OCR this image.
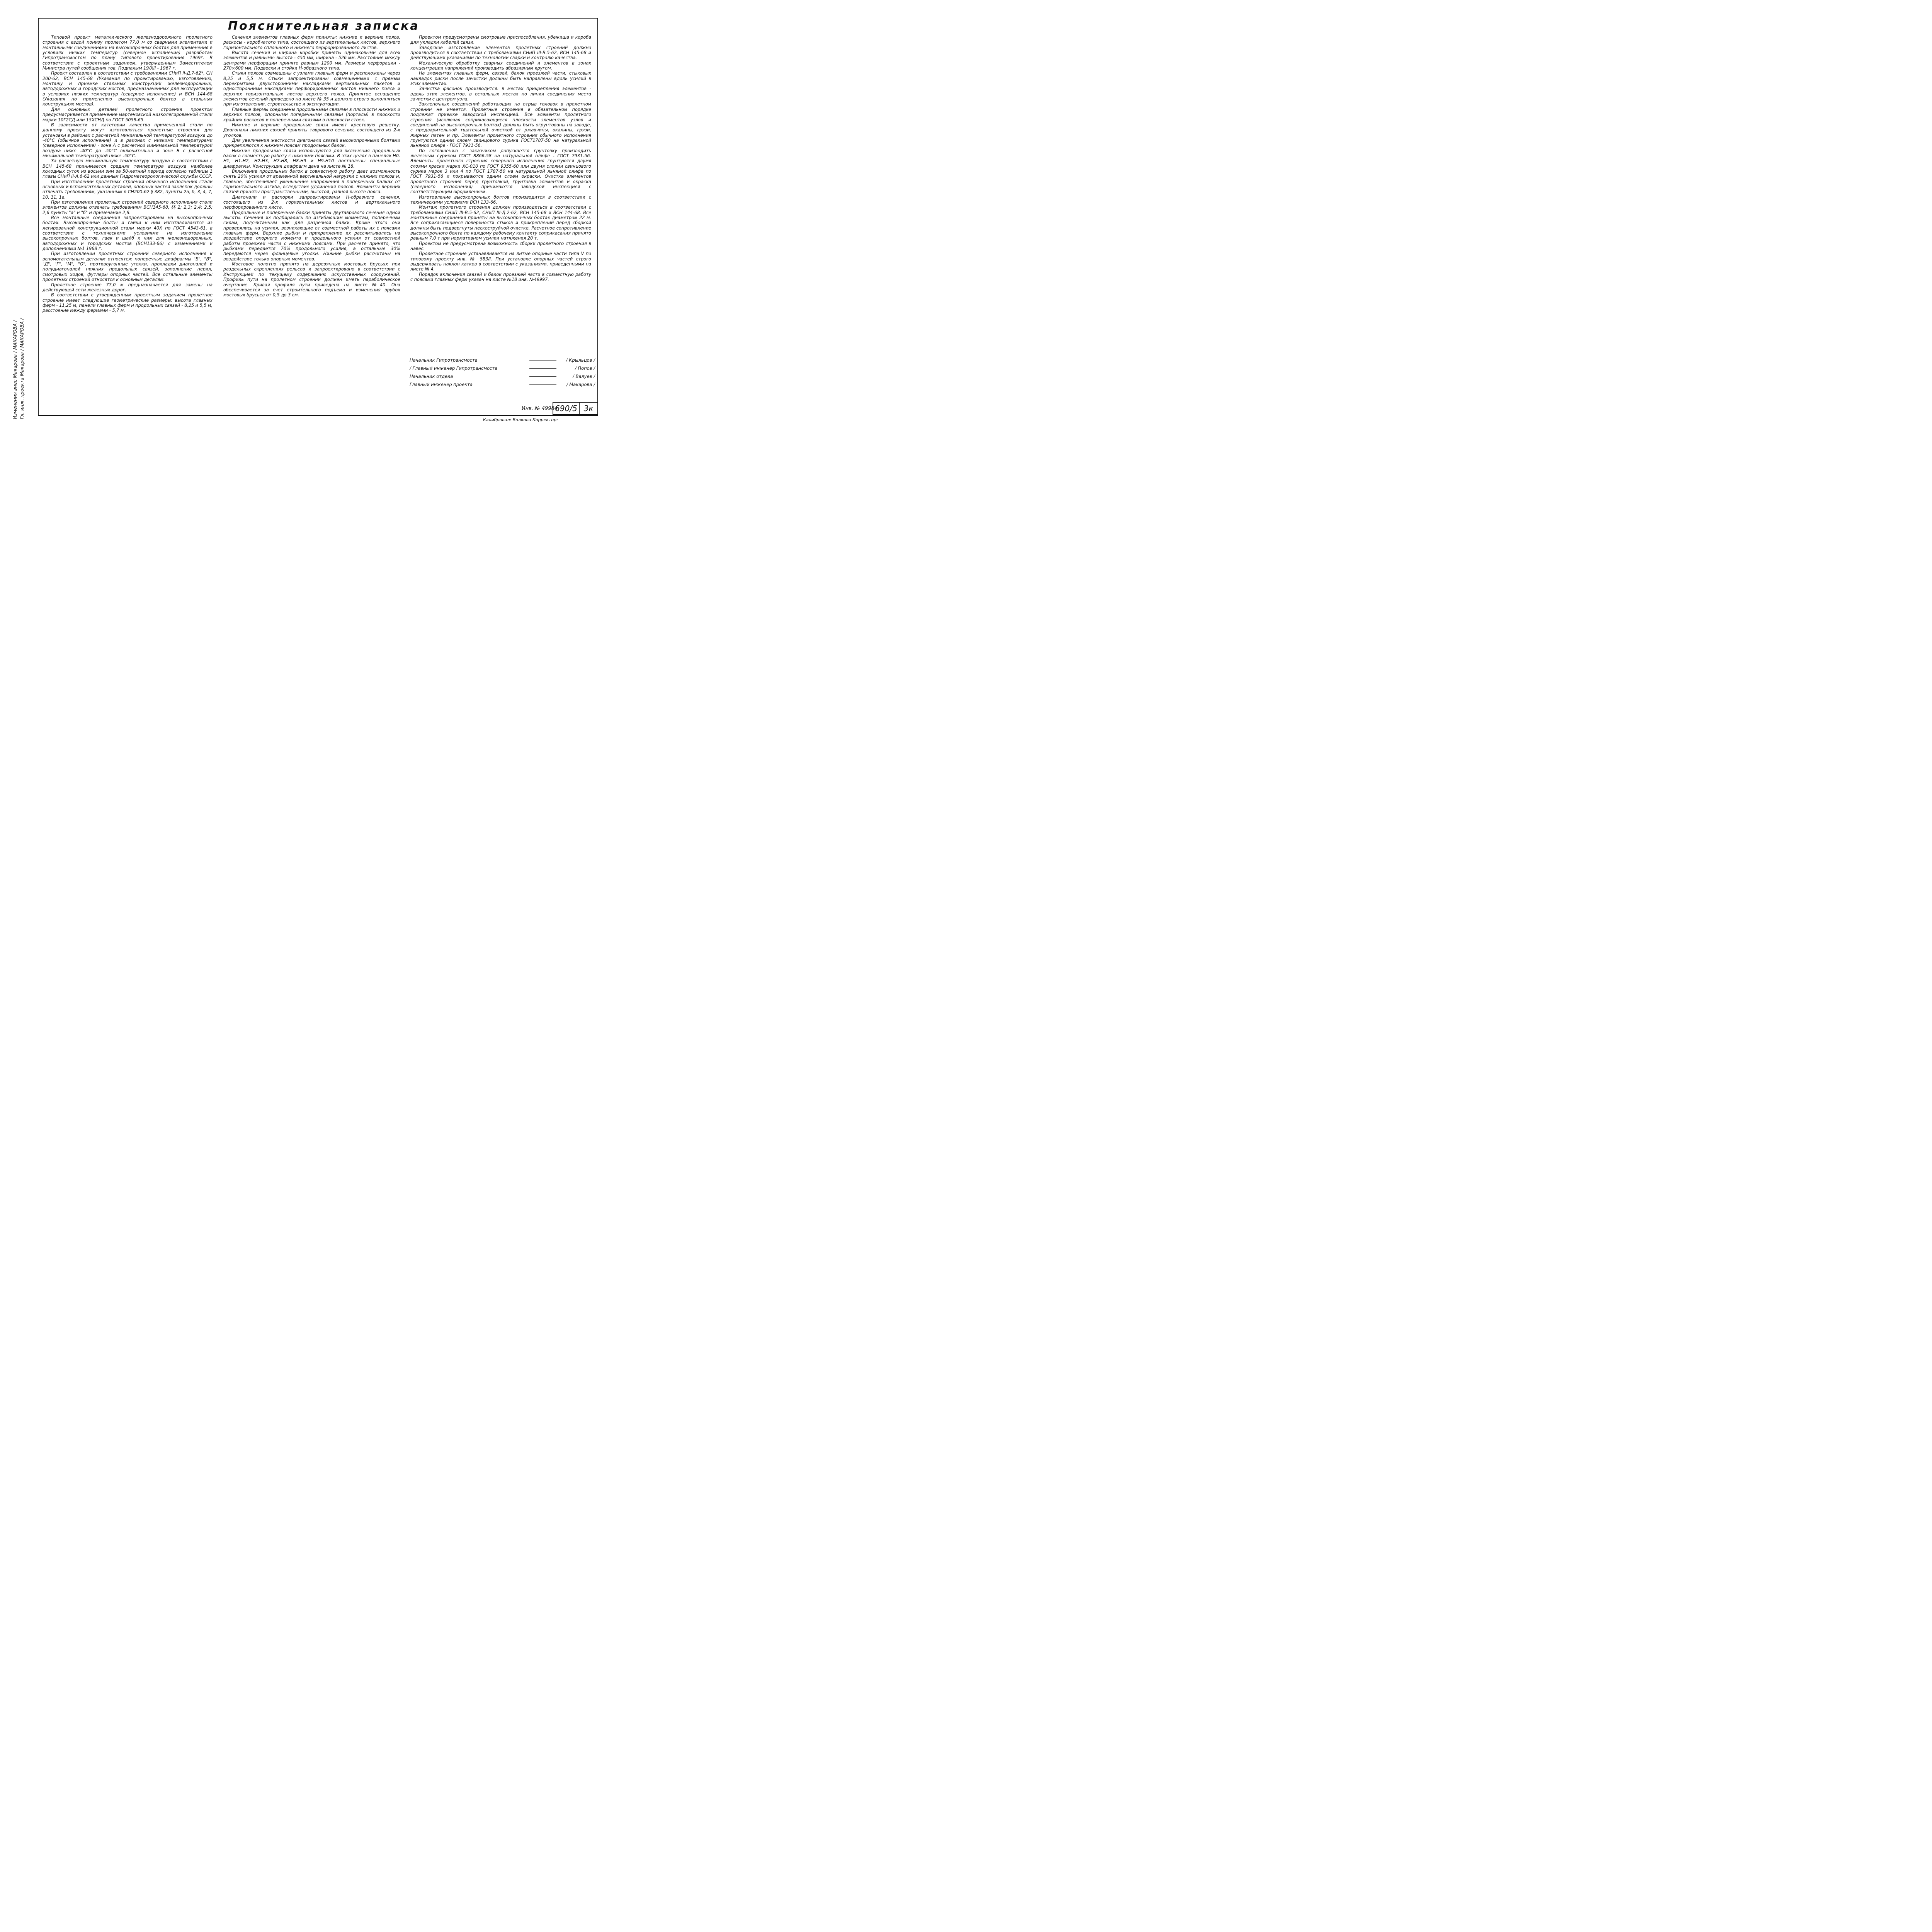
Пояснительная записка
Изменения внес Макарова / МАКАРОВА / Гл. инж. проекта Макарова / МАКАРОВА /

Типовой проект металлического железнодорожного пролетного строения с ездой понизу пролетом 77,0 м со сварными элементами и монтажными соединениями на высокопрочных болтах для применения в условиях низких температур (северное исполнение) разработан Гипротрансмостом по плану типового проектирования 1969г. В соответствии с проектным заданием, утвержденным Заместителем Министра путей сообщения тов. Подпалым 19/XII - 1967 г.

Проект составлен в соответствии с требованиями СНиП II-Д.7-62*, СН 200-62, ВСН 145-68 (Указания по проектированию, изготовлению, монтажу и приемке стальных конструкций железнодорожных, автодорожных и городских мостов, предназначенных для эксплуатации в условиях низких температур (северное исполнение) и ВСН 144-68 (Указания по применению высокопрочных болтов в стальных конструкциях мостов).

Для основных деталей пролетного строения проектом предусматривается применение мартеновской низколегированной стали марки 10Г2СД или 15ХСНД по ГОСТ 5058-65.

В зависимости от категории качества примененной стали по данному проекту могут изготовляться пролетные строения для установки в районах с расчетной минимальной температурой воздуха до -40°С (обычное исполнение) и в районах с низкими температурами (северное исполнение) - зоне А с расчетной минимальной температурой воздуха ниже -40°С до -50°С включительно и зоне Б с расчетной минимальной температурой ниже -50°С.

За расчетную минимальную температуру воздуха в соответствии с ВСН 145-68 принимается средняя температура воздуха наиболее холодных суток из восьми зим за 50-летний период согласно таблицы 1 главы СНиП II-А.6-62 или данным Гидрометеорологической службы СССР.

При изготовлении пролетных строений обычного исполнения стали основных и вспомогательных деталей, опорных частей заклепок должны отвечать требованиям, указанным в СН200-62 § 382, пункты 2а, б, 3, 4, 7, 10, 11, 1а.

При изготовлении пролетных строений северного исполнения стали элементов должны отвечать требованиям ВСН145-68, §§ 2; 2,3; 2,4; 2,5; 2,6 пункты "а" и "б" и примечание 2,8.

Все монтажные соединения запроектированы на высокопрочных болтах. Высокопрочные болты и гайки к ним изготавливаются из легированной конструкционной стали марки 40Х по ГОСТ 4543-61, в соответствии с техническими условиями на изготовление высокопрочных болтов, гаек и шайб к ним для железнодорожных, автодорожных и городских мостов (ВСН133-66) с изменениями и дополнениями №1 1968 г.

При изготовлении пролетных строений северного исполнения к вспомогательным деталям относятся: поперечные диафрагмы "Б", "В", "Д", "Г", "М", "О", противоугонные уголки, прокладки диагоналей и полудиагоналей нижних продольных связей, заполнение перил, смотровых ходов, футляры опорных частей. Все остальные элементы пролетных строений относятся к основным деталям.

Пролетное строение 77,0 м предназначается для замены на действующей сети железных дорог.

В соответствии с утвержденным проектным заданием пролетное строение имеет следующие геометрические размеры: высота главных ферм - 11,25 м, панели главных ферм и продольных связей - 8,25 и 5,5 м, расстояние между фермами - 5,7 м.

Сечения элементов главных ферм приняты: нижние и верхние пояса, раскосы - коробчатого типа, состоящего из вертикальных листов, верхнего горизонтального сплошного и нижнего перфорированного листов.

Высота сечения и ширина коробки приняты одинаковыми для всех элементов и равными: высота - 450 мм, ширина - 526 мм. Расстояние между центрами перфорации принято равным 1200 мм. Размеры перфорации - 270×600 мм. Подвески и стойки Н-образного типа.

Стыки поясов совмещены с узлами главных ферм и расположены через 8,25 и 5,5 м. Стыки запроектированы совмещенными с прямым перекрытием двухсторонними накладками вертикальных пакетов и односторонними накладками перфорированных листов нижнего пояса и верхних горизонтальных листов верхнего пояса. Принятое оснащение элементов сечений приведено на листе № 35 и должно строго выполняться при изготовлении, строительстве и эксплуатации.

Главные фермы соединены продольными связями в плоскости нижних и верхних поясов, опорными поперечными связями (порталы) в плоскости крайних раскосов и поперечными связями в плоскости стоек.

Нижние и верхние продольные связи имеют крестовую решетку. Диагонали нижних связей приняты таврового сечения, состоящего из 2-х уголков.

Для увеличения жесткости диагонали связей высокопрочными болтами прикрепляются к нижним поясам продольных балок.

Нижние продольные связи используются для включения продольных балок в совместную работу с нижними поясами. В этих целях в панелях Н0-Н1, Н1-Н2, Н2-Н3, Н7-Н8, Н8-Н9 и Н9-Н10 поставлены специальные диафрагмы. Конструкция диафрагм дана на листе № 18.

Включение продольных балок в совместную работу дает возможность снять 20% усилия от временной вертикальной нагрузки с нижних поясов и, главное, обеспечивает уменьшение напряжения в поперечных балках от горизонтального изгиба, вследствие удлинения поясов. Элементы верхних связей приняты пространственными, высотой, равной высоте пояса.

Диагонали и распорки запроектированы Н-образного сечения, состоящего из 2-х горизонтальных листов и вертикального перфорированного листа.

Продольные и поперечные балки приняты двутаврового сечения одной высоты. Сечения их подбирались по изгибающим моментам, поперечным силам, подсчитанным как для разрезной балки. Кроме этого они проверялись на усилия, возникающие от совместной работы их с поясами главных ферм. Верхние рыбки и прикрепление их рассчитывались на воздействие опорного момента и продольного усилия от совместной работы проезжей части с нижними поясами. При расчете принято, что рыбками передается 70% продольного усилия, а остальные 30% передаются через фланцевые уголки. Нижние рыбки рассчитаны на воздействие только опорных моментов.

Мостовое полотно принято на деревянных мостовых брусьях при раздельных скреплениях рельсов и запроектировано в соответствии с Инструкцией по текущему содержанию искусственных сооружений. Профиль пути на пролетном строении должен иметь параболическое очертание. Кривая профиля пути приведена на листе №40. Она обеспечивается за счет строительного подъема и изменения врубок мостовых брусьев от 0,5 до 3 см.

Проектом предусмотрены смотровые приспособления, убежища и короба для укладки кабелей связи.

Заводское изготовление элементов пролетных строений должно производиться в соответствии с требованиями СНиП III-В.5-62, ВСН 145-68 и действующими указаниями по технологии сварки и контролю качества.

Механическую обработку сварных соединений и элементов в зонах концентрации напряжений производить абразивным кругом.

На элементах главных ферм, связей, балок проезжей части, стыковых накладок риски после зачистки должны быть направлены вдоль усилий в этих элементах.

Зачистка фасонок производится: в местах прикрепления элементов - вдоль этих элементов, в остальных местах по линии соединения места зачистки с центром узла.

Заклепочных соединений работающих на отрыв головок в пролетном строении не имеется. Пролетные строения в обязательном порядке подлежат приемке заводской инспекцией. Все элементы пролетного строения (исключая соприкасающиеся плоскости элементов узлов и соединений на высокопрочных болтах) должны быть огрунтованы на заводе, с предварительной тщательной очисткой от ржавчины, окалины, грязи, жирных пятен и пр. Элементы пролетного строения обычного исполнения грунтуются одним слоем свинцового сурика ГОСТ1787-50 на натуральной льняной олифе - ГОСТ 7931-56.

По соглашению с заказчиком допускается грунтовку производить железным суриком ГОСТ 8866-58 на натуральной олифе - ГОСТ 7931-56. Элементы пролетного строения северного исполнения грунтуются двумя слоями краски марки ХС-010 по ГОСТ 9355-60 или двумя слоями свинцового сурика марок 3 или 4 по ГОСТ 1787-50 на натуральной льняной олифе по ГОСТ 7931-56 и покрываются одним слоем окраски. Очистка элементов пролетного строения перед грунтовкой, грунтовка элементов и окраска (северного исполнения) принимаются заводской инспекцией с соответствующим оформлением.

Изготовление высокопрочных болтов производится в соответствии с техническими условиями ВСН 133-66.

Монтаж пролетного строения должен производиться в соответствии с требованиями СНиП III-В.5-62, СНиП III-Д.2-62, ВСН 145-68 и ВСН 144-68. Все монтажные соединения приняты на высокопрочных болтах диаметром 22 м. Все соприкасающиеся поверхности стыков и прикреплений перед сборкой должны быть подвергнуты пескоструйной очистке. Расчетное сопротивление высокопрочного болта по каждому рабочему контакту соприкасания принято равным 7,0 т при нормативном усилии натяжения 20 т.

Проектом не предусмотрена возможность сборки пролетного строения в навес.

Пролетное строение устанавливается на литые опорные части типа V по типовому проекту инв. № 583/I. При установке опорных частей строго выдерживать наклон катков в соответствии с указаниями, приведенными на листе № 4.

Порядок включения связей и балок проезжей части в совместную работу с поясами главных ферм указан на листе №18 инв. №49997.

Начальник Гипротрансмоста	/ Крыльцов /
/ Главный инженер Гипротрансмоста	/ Попов /
Начальник отдела	/ Валуев /
Главный инженер проекта	/ Макарова /
Инв. № 49984
690/5 3к
Калибровал: Волкова Корректор:
